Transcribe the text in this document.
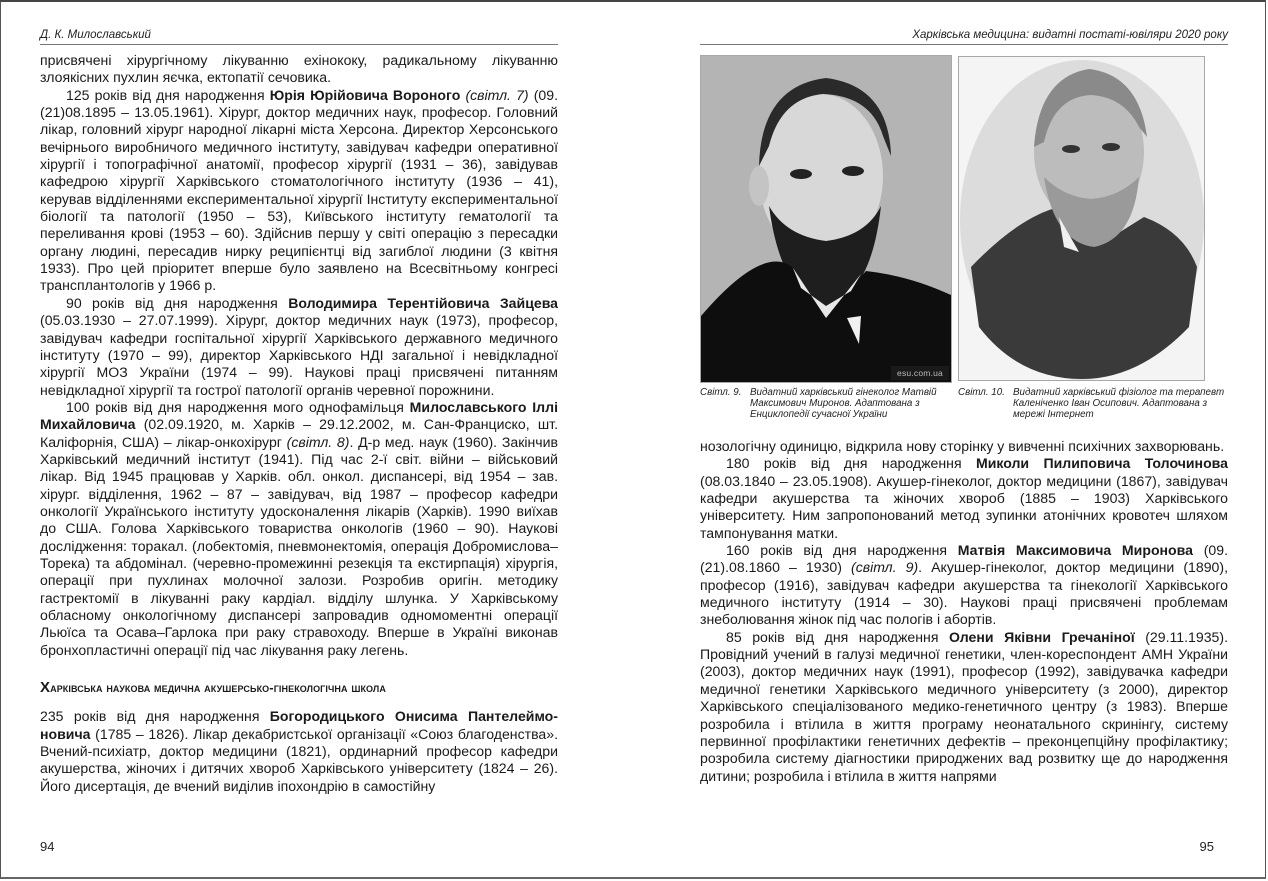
Д. К. Милославський

присвячені хірургічному лікуванню ехінококу, радикальному лікуванню злоякісних пухлин яєчка, ектопатії сечовика.

125 років від дня народження Юрія Юрійовича Вороного (світл. 7) (09.(21)08.1895 – 13.05.1961). Хірург, доктор медичних наук, професор. Головний лікар, головний хірург народної лікарні міста Херсона. Директор Херсонського вечірнього виробничого медичного інституту, завідувач кафедри оперативної хірургії і топографічної анатомії, професор хірургії (1931 – 36), завідував кафедрою хірургії Харківського стоматологічного інституту (1936 – 41), керував відділеннями експериментальної хірургії Інституту експериментальної біології та патології (1950 – 53), Київського інституту гематології та переливання крові (1953 – 60). Здійснив першу у світі операцію з пересадки органу людині, пересадив нирку реципієнтці від загиблої людини (3 квітня 1933). Про цей пріоритет вперше було заявлено на Всесвітньому конгресі трансплантологів у 1966 р.

90 років від дня народження Володимира Терентійовича Зайцева (05.03.1930 – 27.07.1999). Хірург, доктор медичних наук (1973), професор, завідувач кафедри госпітальної хірургії Харківського державного медичного інституту (1970 – 99), директор Харківського НДІ загальної і невідкладної хірургії МОЗ України (1974 – 99). Наукові праці присвячені питанням невідкладної хірургії та гострої патології органів черевної порожнини.

100 років від дня народження мого однофамільця Милославського Іллі Михайловича (02.09.1920, м. Харків – 29.12.2002, м. Сан-Франциско, шт. Каліфорнія, США) – лікар-онкохірург (світл. 8). Д-р мед. наук (1960). Закінчив Харківський медичний інститут (1941). Під час 2-ї світ. війни – військовий лікар. Від 1945 працював у Харків. обл. онкол. диспансері, від 1954 – зав. хірург. відділення, 1962 – 87 – завідувач, від 1987 – професор кафедри онкології Українського інституту удосконалення лікарів (Харків). 1990 виїхав до США. Голова Харківського товариства онкологів (1960 – 90). Наукові дослідження: торакал. (лобектомія, пневмонектомія, операція Добромислова–Торека) та абдомінал. (черевно-промежинні резекція та екстирпація) хірургія, операції при пухлинах молочної залози. Розробив оригін. методику гастректомії в лікуванні раку кардіал. відділу шлунка. У Харківському обласному онкологічному диспансері запровадив одномоментні операції Льюїса та Осава–Гарлока при раку стравоходу. Вперше в Україні виконав бронхопластичні операції під час лікування раку легень.

Харківська наукова медична акушерсько-гінекологічна школа

235 років від дня народження Богородицького Онисима Пантелеймоновича (1785 – 1826). Лікар декабристської організації «Союз благоденства». Вчений-психіатр, доктор медицини (1821), ординарний професор кафедри акушерства, жіночих і дитячих хвороб Харківського університету (1824 – 26). Його дисертація, де вчений виділив іпохондрію в самостійну

94
Харківська медицина: видатні постаті-ювіляри 2020 року
esu.com.ua
Світл. 9. Видатний харківський гінеколог Матвій Максимович Миронов. Адаптована з Енциклопедії сучасної України
Світл. 10. Видатний харківський фізіолог та терапевт Каленіченко Іван Осипович. Адаптована з мережі Інтернет

нозологічну одиницю, відкрила нову сторінку у вивченні психічних захворювань.

180 років від дня народження Миколи Пилиповича Толочинова (08.03.1840 – 23.05.1908). Акушер-гінеколог, доктор медицини (1867), завідувач кафедри акушерства та жіночих хвороб (1885 – 1903) Харківського університету. Ним запропонований метод зупинки атонічних кровотеч шляхом тампонування матки.

160 років від дня народження Матвія Максимовича Миронова (09.(21).08.1860 – 1930) (світл. 9). Акушер-гінеколог, доктор медицини (1890), професор (1916), завідувач кафедри акушерства та гінекології Харківського медичного інституту (1914 – 30). Наукові праці присвячені проблемам знеболювання жінок під час пологів і абортів.

85 років від дня народження Олени Яківни Гречаніної (29.11.1935). Провідний учений в галузі медичної генетики, член-кореспондент АМН України (2003), доктор медичних наук (1991), професор (1992), завідувачка кафедри медичної генетики Харківського медичного університету (з 2000), директор Харківського спеціалізованого медико-генетичного центру (з 1983). Вперше розробила і втілила в життя програму неонатального скринінгу, систему первинної профілактики генетичних дефектів – преконцепційну профілактику; розробила систему діагностики природжених вад розвитку ще до народження дитини; розробила і втілила в життя напрями

95
